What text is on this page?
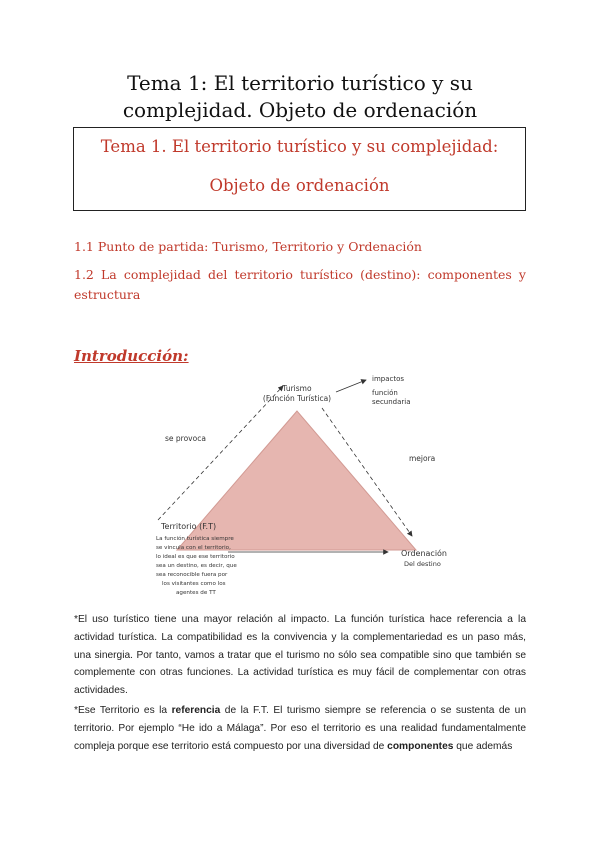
Tema 1: El territorio turístico y su
complejidad. Objeto de ordenación
Tema 1. El territorio turístico y su complejidad:
Objeto de ordenación
1.1 Punto de partida: Turismo, Territorio y Ordenación
1.2 La complejidad del territorio turístico (destino): componentes y estructura
Introducción:
Turismo
(Función Turística)
impactos
función
secundaria
se provoca
mejora
Territorio (F.T)
La función turística siempre
se vincula con el territorio,
lo ideal es que ese territorio
sea un destino, es decir, que
sea reconocible fuera por
los visitantes como los
agentes de TT
Ordenación
Del destino
*El uso turístico tiene una mayor relación al impacto. La función turística hace referencia a la actividad turística. La compatibilidad es la convivencia y la complementariedad es un paso más, una sinergia. Por tanto, vamos a tratar que el turismo no sólo sea compatible sino que también se complemente con otras funciones. La actividad turística es muy fácil de complementar con otras actividades.
*Ese Territorio es la referencia de la F.T. El turismo siempre se referencia o se sustenta de un territorio. Por ejemplo “He ido a Málaga”. Por eso el territorio es una realidad fundamentalmente compleja porque ese territorio está compuesto por una diversidad de componentes que además
